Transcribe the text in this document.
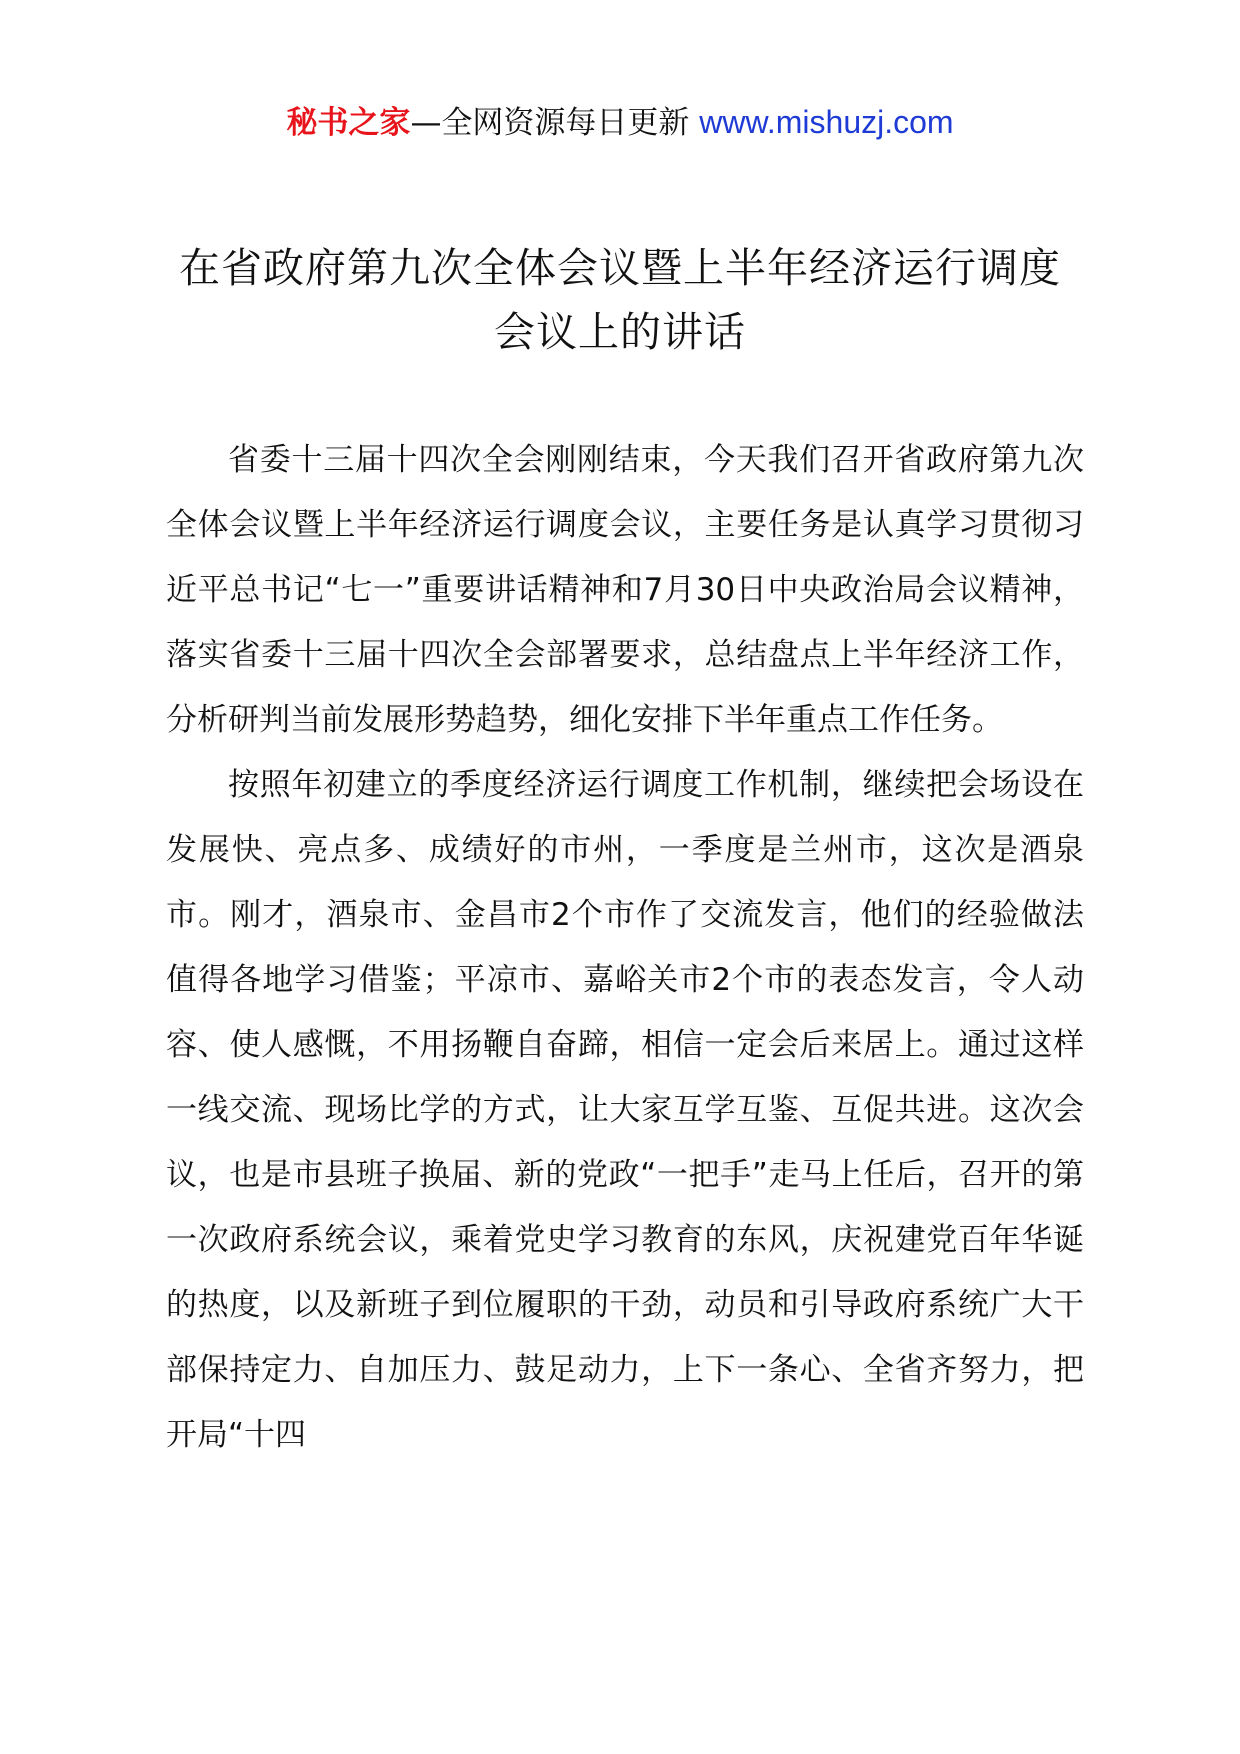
秘书之家—全网资源每日更新 www.mishuzj.com
在省政府第九次全体会议暨上半年经济运行调度会议上的讲话

省委十三届十四次全会刚刚结束，今天我们召开省政府第九次全体会议暨上半年经济运行调度会议，主要任务是认真学习贯彻习近平总书记“七一”重要讲话精神和7月30日中央政治局会议精神，落实省委十三届十四次全会部署要求，总结盘点上半年经济工作，分析研判当前发展形势趋势，细化安排下半年重点工作任务。

按照年初建立的季度经济运行调度工作机制，继续把会场设在发展快、亮点多、成绩好的市州，一季度是兰州市，这次是酒泉市。刚才，酒泉市、金昌市2个市作了交流发言，他们的经验做法值得各地学习借鉴；平凉市、嘉峪关市2个市的表态发言，令人动容、使人感慨，不用扬鞭自奋蹄，相信一定会后来居上。通过这样一线交流、现场比学的方式，让大家互学互鉴、互促共进。这次会议，也是市县班子换届、新的党政“一把手”走马上任后，召开的第一次政府系统会议，乘着党史学习教育的东风，庆祝建党百年华诞的热度，以及新班子到位履职的干劲，动员和引导政府系统广大干部保持定力、自加压力、鼓足动力，上下一条心、全省齐努力，把开局“十四
